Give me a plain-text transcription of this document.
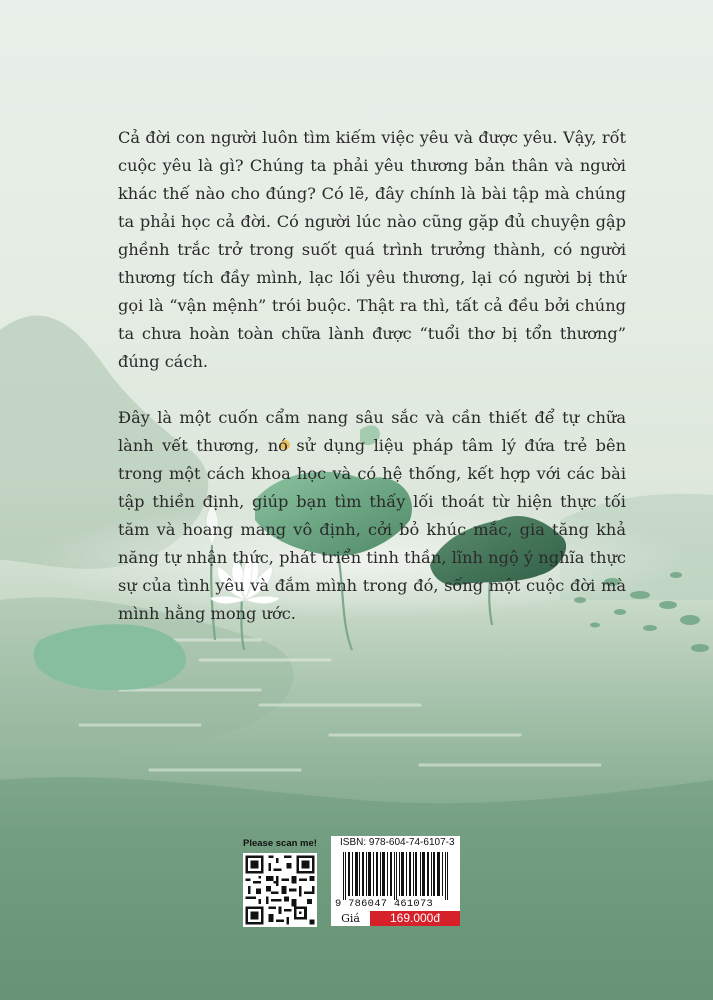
Cả đời con người luôn tìm kiếm việc yêu và được yêu. Vậy, rốt cuộc yêu là gì? Chúng ta phải yêu thương bản thân và người khác thế nào cho đúng? Có lẽ, đây chính là bài tập mà chúng ta phải học cả đời. Có người lúc nào cũng gặp đủ chuyện gập ghềnh trắc trở trong suốt quá trình trưởng thành, có người thương tích đầy mình, lạc lối yêu thương, lại có người bị thứ gọi là “vận mệnh” trói buộc. Thật ra thì, tất cả đều bởi chúng ta chưa hoàn toàn chữa lành được “tuổi thơ bị tổn thương” đúng cách.

Đây là một cuốn cẩm nang sâu sắc và cần thiết để tự chữa lành vết thương, nó sử dụng liệu pháp tâm lý đứa trẻ bên trong một cách khoa học và có hệ thống, kết hợp với các bài tập thiền định, giúp bạn tìm thấy lối thoát từ hiện thực tối tăm và hoang mang vô định, cởi bỏ khúc mắc, gia tăng khả năng tự nhận thức, phát triển tinh thần, lĩnh ngộ ý nghĩa thực sự của tình yêu và đắm mình trong đó, sống một cuộc đời mà mình hằng mong ước.

Please scan me!	ISBN: 978-604-74-6107-3
9 786047 461073
Giá	169.000đ
